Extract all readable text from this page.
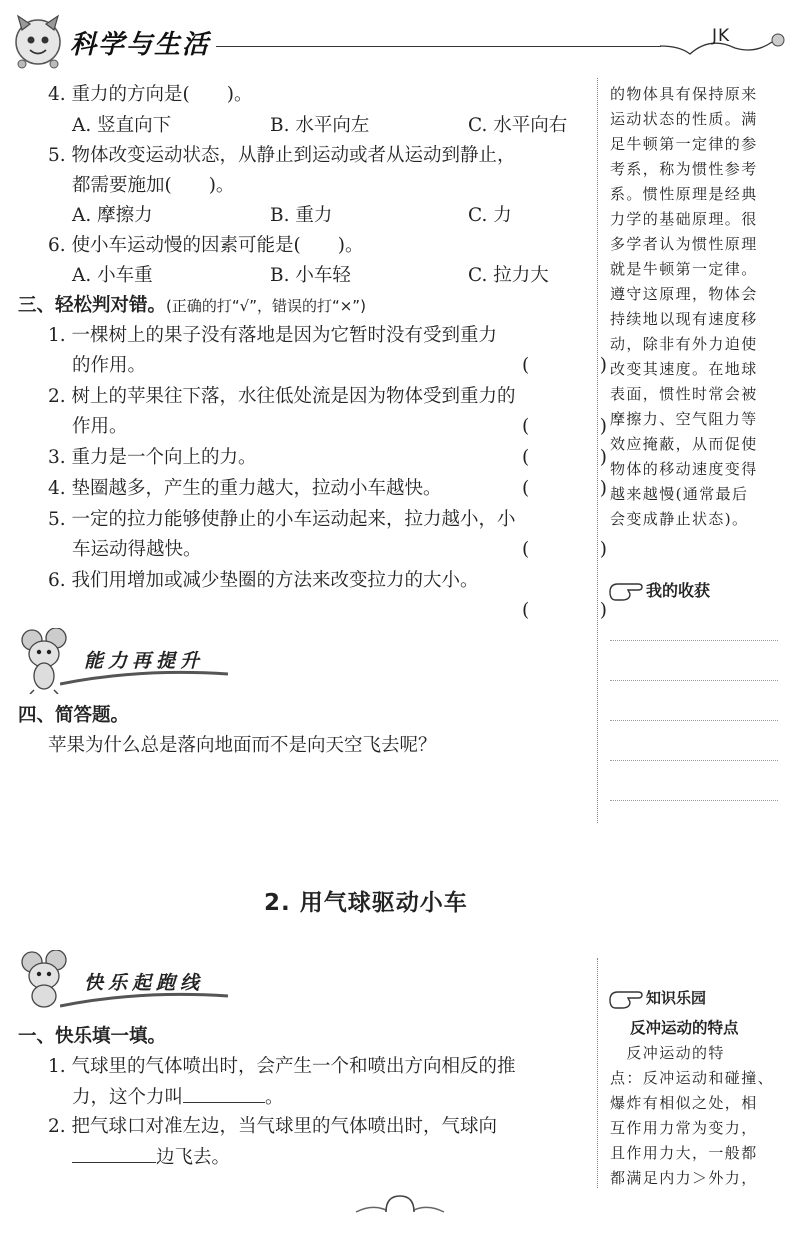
科学与生活	JK
的物体具有保持原来
运动状态的性质。满
足牛顿第一定律的参
考系，称为惯性参考
系。惯性原理是经典
力学的基础原理。很
多学者认为惯性原理
就是牛顿第一定律。
遵守这原理，物体会
持续地以现有速度移
动，除非有外力迫使
改变其速度。在地球
表面，惯性时常会被
摩擦力、空气阻力等
效应掩蔽，从而促使
物体的移动速度变得
越来越慢(通常最后
会变成静止状态)。
我的收获
4. 重力的方向是(　　)。
A. 竖直向下	B. 水平向左	C. 水平向右
5. 物体改变运动状态，从静止到运动或者从运动到静止，
都需要施加(　　)。
A. 摩擦力	B. 重力	C. 力
6. 使小车运动慢的因素可能是(　　)。
A. 小车重	B. 小车轻	C. 拉力大
三、轻松判对错。(正确的打“√”，错误的打“×”)
1. 一棵树上的果子没有落地是因为它暂时没有受到重力
的作用。	(　)
2. 树上的苹果往下落，水往低处流是因为物体受到重力的
作用。	(　)
3. 重力是一个向上的力。	(　)
4. 垫圈越多，产生的重力越大，拉动小车越快。	(　)
5. 一定的拉力能够使静止的小车运动起来，拉力越小，小
车运动得越快。	(　)
6. 我们用增加或减少垫圈的方法来改变拉力的大小。
(　)
能力再提升
四、简答题。
苹果为什么总是落向地面而不是向天空飞去呢？
2. 用气球驱动小车
快乐起跑线
一、快乐填一填。
1. 气球里的气体喷出时，会产生一个和喷出方向相反的推
力，这个力叫	。
2. 把气球口对准左边，当气球里的气体喷出时，气球向
边飞去。
知识乐园
反冲运动的特点
　反冲运动的特
点：反冲运动和碰撞、
爆炸有相似之处，相
互作用力常为变力，
且作用力大，一般都
都满足内力＞外力，
